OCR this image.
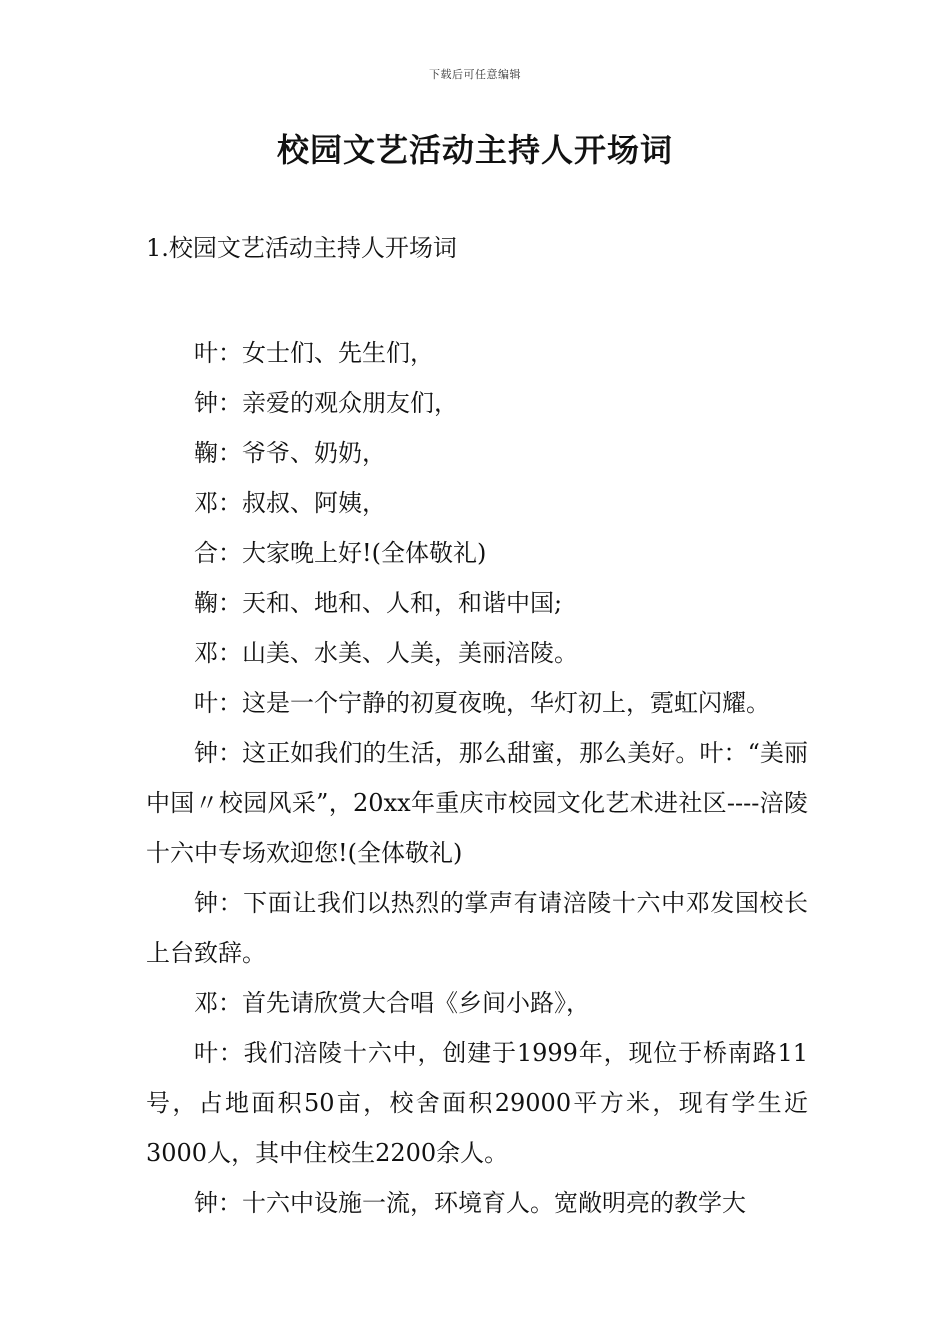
下载后可任意编辑
校园文艺活动主持人开场词
1.校园文艺活动主持人开场词

叶：女士们、先生们，

钟：亲爱的观众朋友们，

鞠：爷爷、奶奶，

邓：叔叔、阿姨，

合：大家晚上好!(全体敬礼)

鞠：天和、地和、人和，和谐中国;

邓：山美、水美、人美，美丽涪陵。

叶：这是一个宁静的初夏夜晚，华灯初上，霓虹闪耀。

钟：这正如我们的生活，那么甜蜜，那么美好。叶：“美丽中国〃校园风采”，20xx年重庆市校园文化艺术进社区----涪陵十六中专场欢迎您!(全体敬礼)

钟：下面让我们以热烈的掌声有请涪陵十六中邓发国校长上台致辞。

邓：首先请欣赏大合唱《乡间小路》，

叶：我们涪陵十六中，创建于1999年，现位于桥南路11号，占地面积50亩，校舍面积29000平方米，现有学生近3000人，其中住校生2200余人。

钟：十六中设施一流，环境育人。宽敞明亮的教学大
